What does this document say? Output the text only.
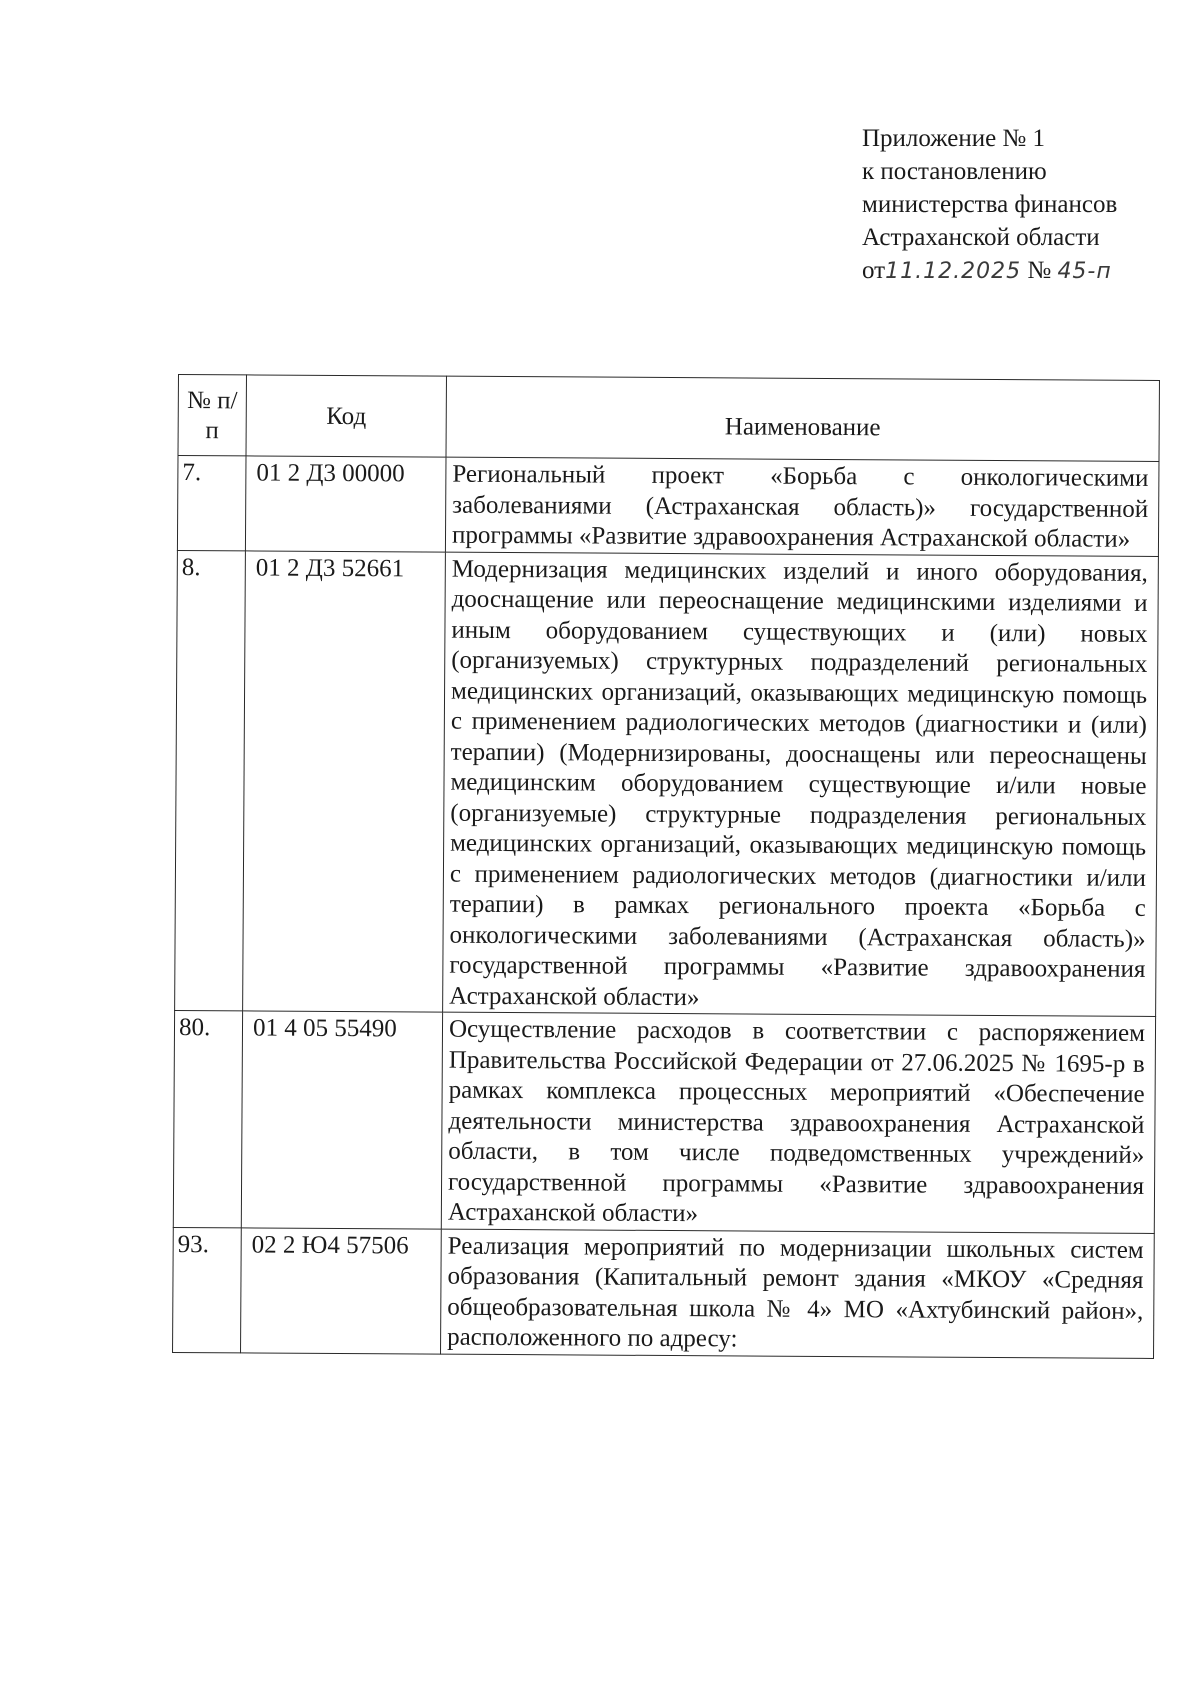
Приложение № 1
к постановлению
министерства финансов
Астраханской области
от11.12.2025 № 45-п
№ п/п	Код	Наименование
7.	01 2 Д3 00000	Региональный проект «Борьба с онкологическими заболеваниями (Астраханская область)» государственной программы «Развитие здравоохранения Астраханской области»
8.	01 2 Д3 52661	Модернизация медицинских изделий и иного оборудования, дооснащение или переоснащение медицинскими изделиями и иным оборудованием существующих и (или) новых (организуемых) структурных подразделений региональных медицинских организаций, оказывающих медицинскую помощь с применением радиологических методов (диагностики и (или) терапии) (Модернизированы, дооснащены или переоснащены медицинским оборудованием существующие и/или новые (организуемые) структурные подразделения региональных медицинских организаций, оказывающих медицинскую помощь с применением радиологических методов (диагностики и/или терапии) в рамках регионального проекта «Борьба с онкологическими заболеваниями (Астраханская область)» государственной программы «Развитие здравоохранения Астраханской области»
80.	01 4 05 55490	Осуществление расходов в соответствии с распоряжением Правительства Российской Федерации от 27.06.2025 № 1695-р в рамках комплекса процессных мероприятий «Обеспечение деятельности министерства здравоохранения Астраханской области, в том числе подведомственных учреждений» государственной программы «Развитие здравоохранения Астраханской области»
93.	02 2 Ю4 57506	Реализация мероприятий по модернизации школьных систем образования (Капитальный ремонт здания «МКОУ «Средняя общеобразовательная школа № 4» МО «Ахтубинский район», расположенного по адресу:
